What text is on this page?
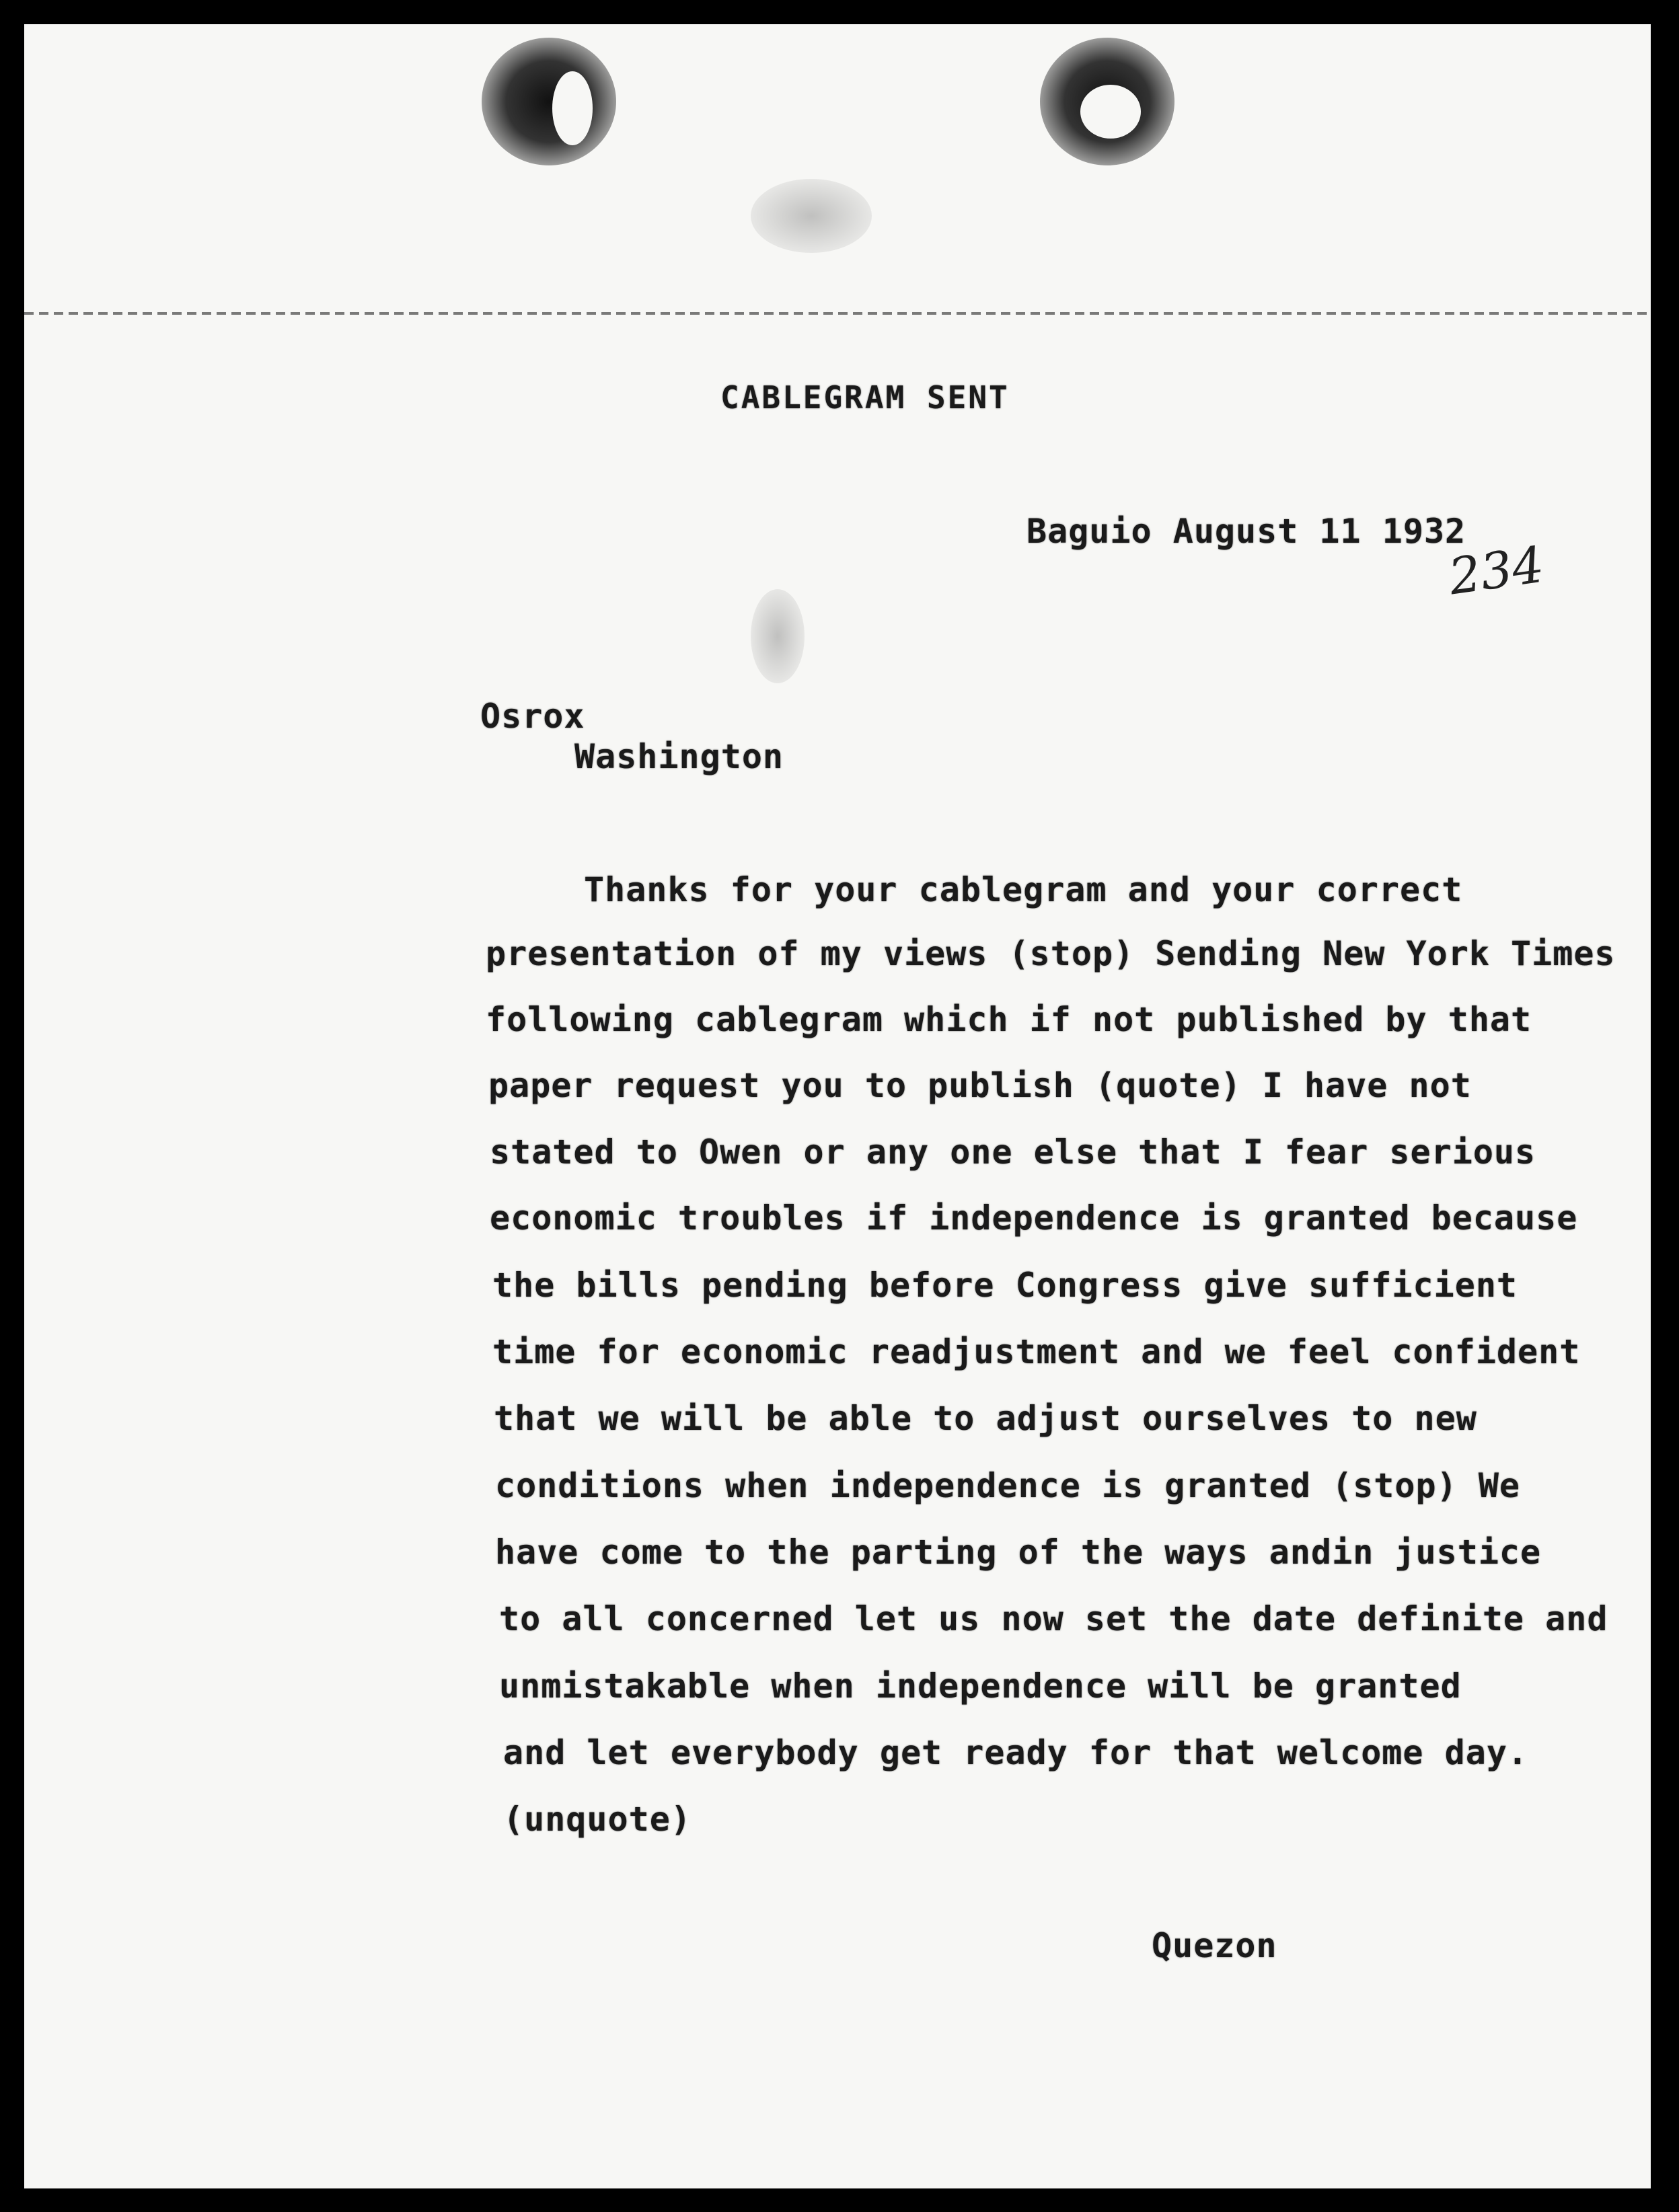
CABLEGRAM SENT
Baguio August 11 1932
234
Osrox
Washington
Thanks for your cablegram and your correct
presentation of my views (stop) Sending New York Times
following cablegram which if not published by that
paper request you to publish (quote) I have not
stated to Owen or any one else that I fear serious
economic troubles if independence is granted because
the bills pending before Congress give sufficient
time for economic readjustment and we feel confident
that we will be able to adjust ourselves to new
conditions when independence is granted (stop) We
have come to the parting of the ways andin justice
to all concerned let us now set the date definite and
unmistakable when independence will be granted
and let everybody get ready for that welcome day.
(unquote)
Quezon
